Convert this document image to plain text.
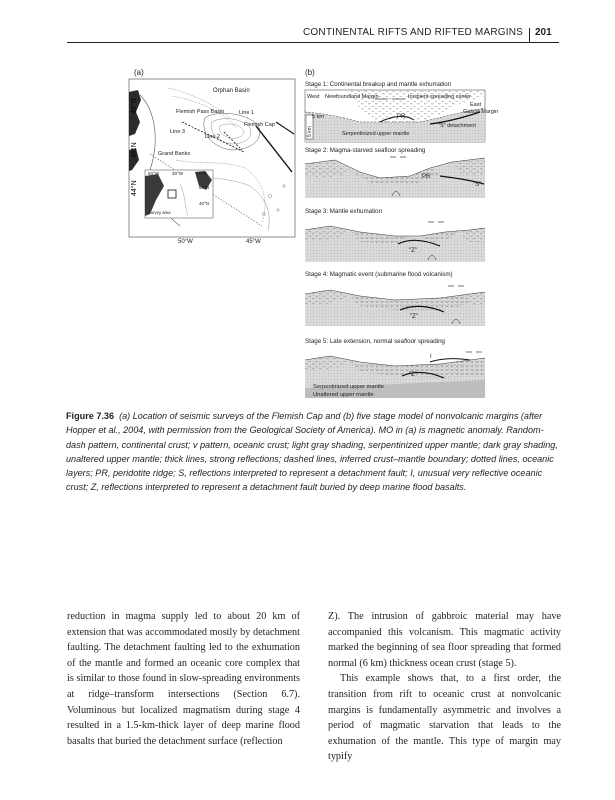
CONTINENTAL RIFTS AND RIFTED MARGINS 201
(a)
48°N
46°N
44°N
50°W	45°W
Orphan Basin
Flemish Pass Basin	Line 1
Flemish Cap
Line 3
Line 2
Grand Banks
50°W	30°W	10°W
60°N
40°N
Survey area
(b)
Stage 1: Continental breakup and mantle exhumation
West Newfoundland Margin	Incipient spreading center
East
Galicia Margin
5 km	PR
"S" detachment
Serpentinized upper mantle
5 km
Stage 2: Magma-starved seafloor spreading
PR
"S"
Stage 3: Mantle exhumation
"Z"
Stage 4: Magmatic event (submarine flood volcanism)
"Z"
Stage 5: Late extension, normal seafloor spreading
I
"Z"
Serpentinized upper mantle
Unaltered upper mantle
Figure 7.36 (a) Location of seismic surveys of the Flemish Cap and (b) five stage model of nonvolcanic margins (after Hopper et al., 2004, with permission from the Geological Society of America). MO in (a) is magnetic anomaly. Random-dash pattern, continental crust; v pattern, oceanic crust; light gray shading, serpentinized upper mantle; dark gray shading, unaltered upper mantle; thick lines, strong reflections; dashed lines, inferred crust–mantle boundary; dotted lines, oceanic layers; PR, peridotite ridge; S, reflections interpreted to represent a detachment fault; I, unusual very reflective oceanic crust; Z, reflections interpreted to represent a detachment fault buried by deep marine flood basalts.

reduction in magma supply led to about 20 km of extension that was accommodated mostly by detachment faulting. The detachment faulting led to the exhumation of the mantle and formed an oceanic core complex that is similar to those found in slow-spreading environments at ridge–transform intersections (Section 6.7). Voluminous but localized magmatism during stage 4 resulted in a 1.5-km-thick layer of deep marine flood basalts that buried the detachment surface (reflection

Z). The intrusion of gabbroic material may have accompanied this volcanism. This magmatic activity marked the beginning of sea floor spreading that formed normal (6 km) thickness ocean crust (stage 5).

This example shows that, to a first order, the transition from rift to oceanic crust at nonvolcanic margins is fundamentally asymmetric and involves a period of magmatic starvation that leads to the exhumation of the mantle. This type of margin may typify
